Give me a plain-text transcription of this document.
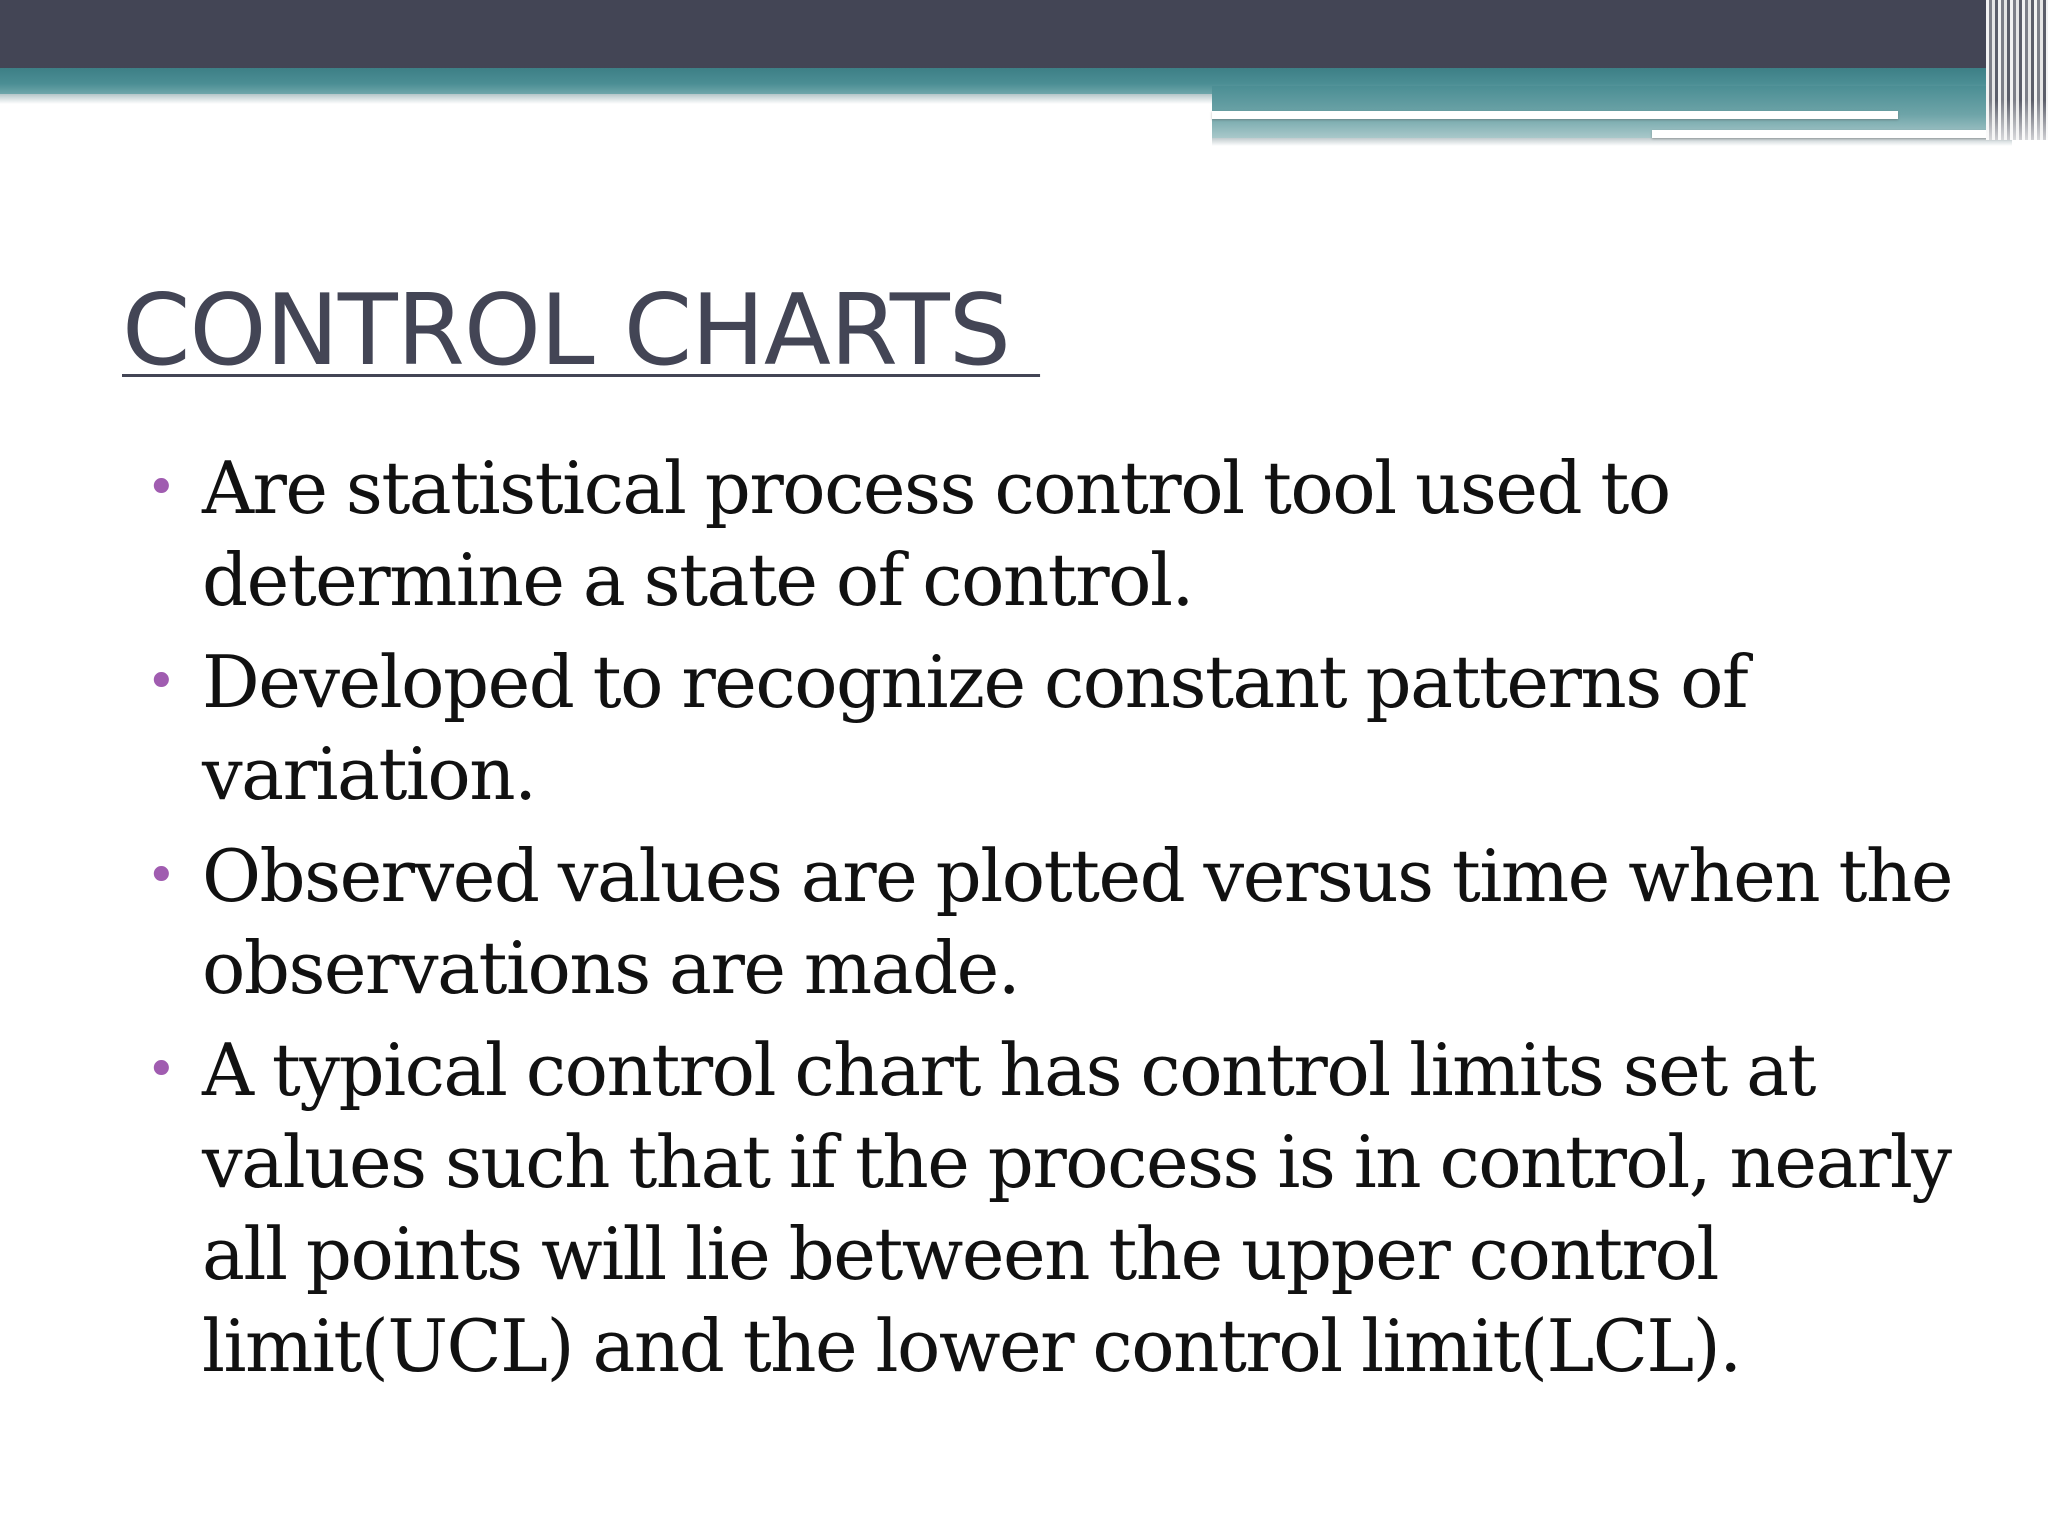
CONTROL CHARTS
• Are statistical process control tool used to determine a state of control.
• Developed to recognize constant patterns of variation.
• Observed values are plotted versus time when the observations are made.
• A typical control chart has control limits set at values such that if the process is in control, nearly all points will lie between the upper control limit(UCL) and the lower control limit(LCL).
